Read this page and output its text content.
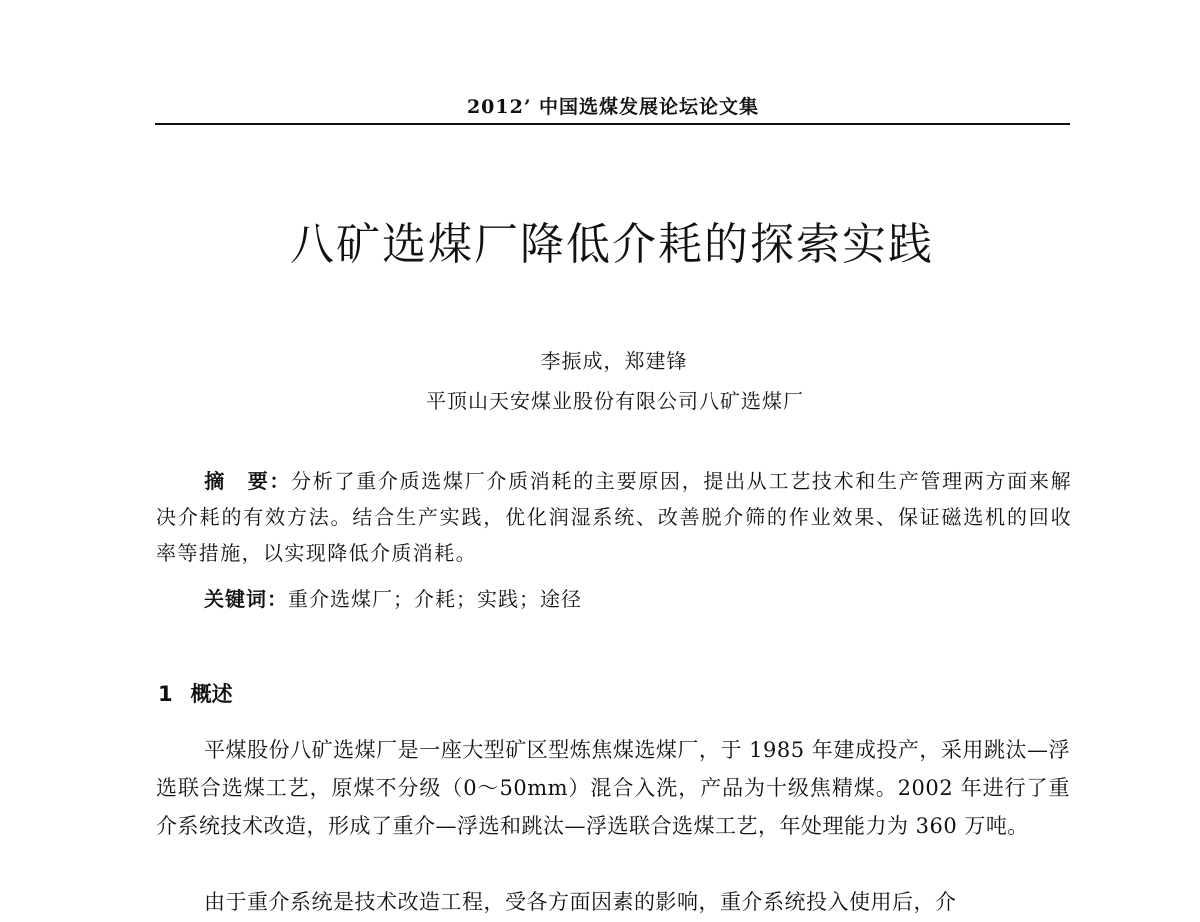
2012’ 中国选煤发展论坛论文集
八矿选煤厂降低介耗的探索实践
李振成，郑建锋
平顶山天安煤业股份有限公司八矿选煤厂

摘　要：分析了重介质选煤厂介质消耗的主要原因，提出从工艺技术和生产管理两方面来解决介耗的有效方法。结合生产实践，优化润湿系统、改善脱介筛的作业效果、保证磁选机的回收率等措施，以实现降低介质消耗。

关键词：重介选煤厂；介耗；实践；途径
1 概述

平煤股份八矿选煤厂是一座大型矿区型炼焦煤选煤厂，于 1985 年建成投产，采用跳汰—浮选联合选煤工艺，原煤不分级（0～50mm）混合入洗，产品为十级焦精煤。2002 年进行了重介系统技术改造，形成了重介—浮选和跳汰—浮选联合选煤工艺，年处理能力为 360 万吨。

由于重介系统是技术改造工程，受各方面因素的影响，重介系统投入使用后，介
